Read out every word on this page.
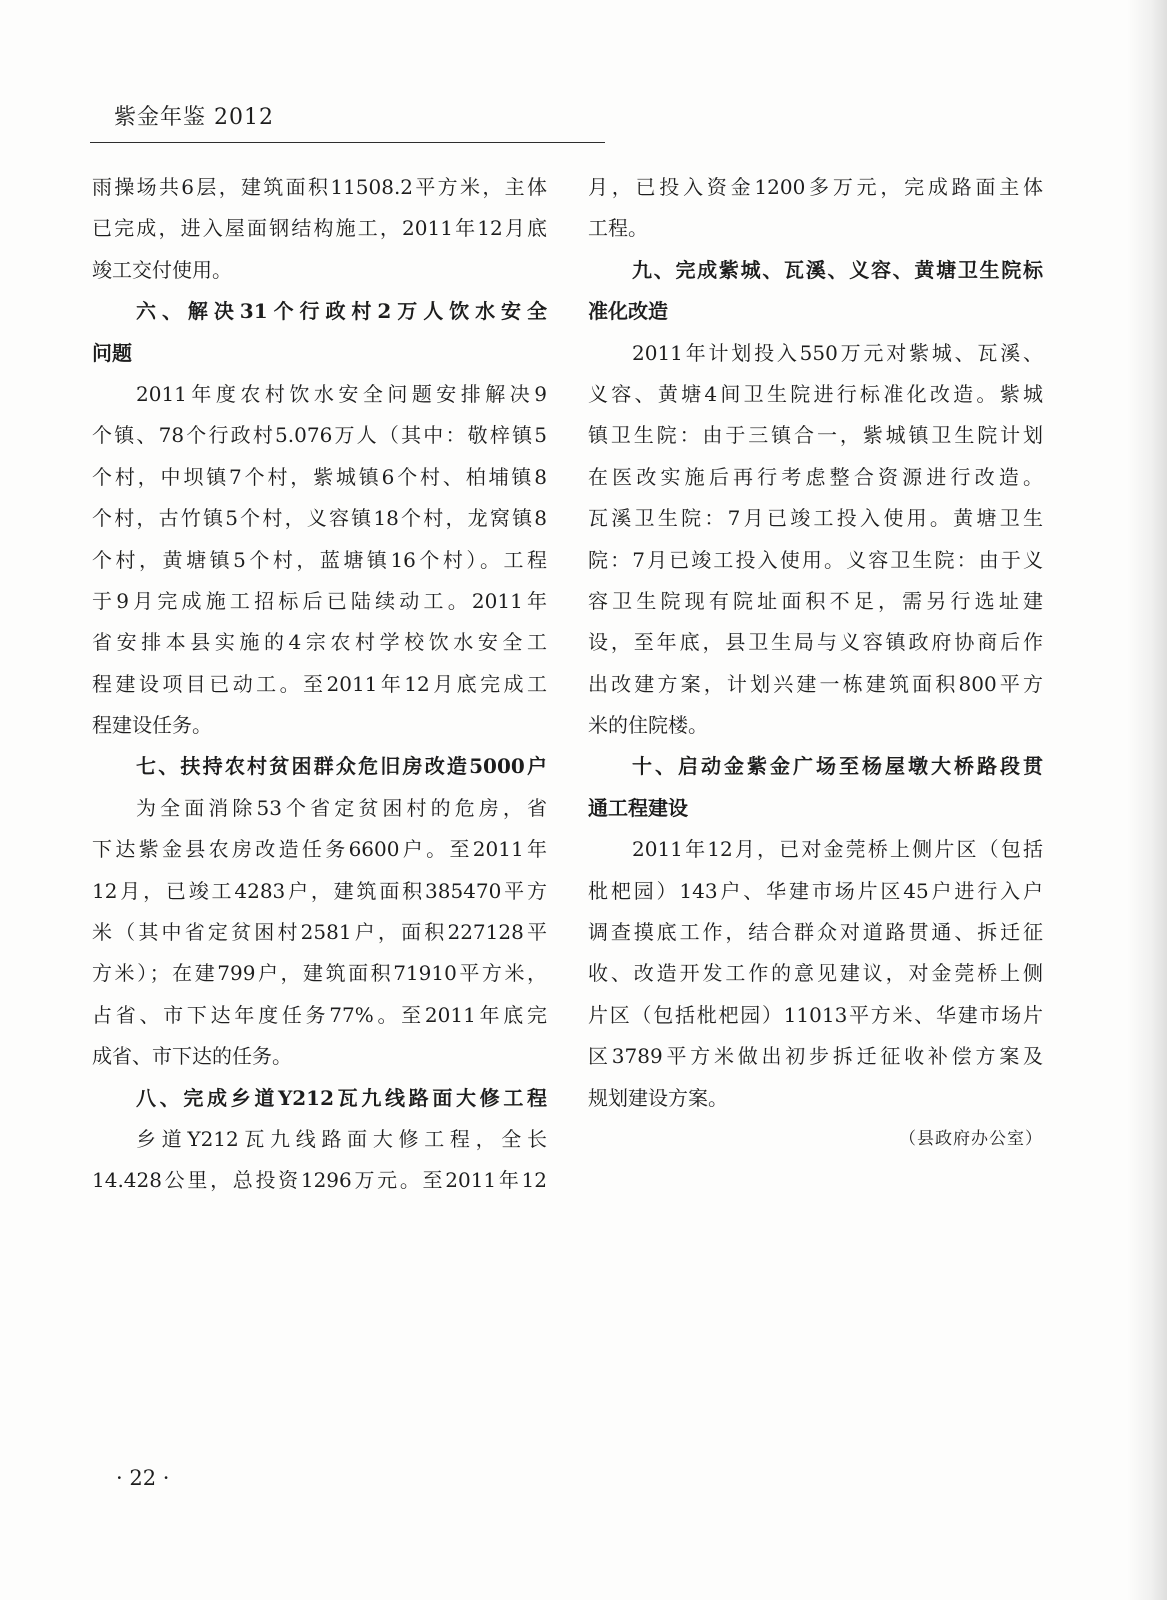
紫金年鉴 2012
雨操场共6层，建筑面积11508.2平方米，主体
已完成，进入屋面钢结构施工，2011年12月底
竣工交付使用。
六、解决31个行政村2万人饮水安全
问题
2011年度农村饮水安全问题安排解决9
个镇、78个行政村5.076万人（其中：敬梓镇5
个村，中坝镇7个村，紫城镇6个村、柏埔镇8
个村，古竹镇5个村，义容镇18个村，龙窝镇8
个村，黄塘镇5个村，蓝塘镇16个村）。工程
于9月完成施工招标后已陆续动工。2011年
省安排本县实施的4宗农村学校饮水安全工
程建设项目已动工。至2011年12月底完成工
程建设任务。
七、扶持农村贫困群众危旧房改造5000户
为全面消除53个省定贫困村的危房，省
下达紫金县农房改造任务6600户。至2011年
12月，已竣工4283户，建筑面积385470平方
米（其中省定贫困村2581户，面积227128平
方米）；在建799户，建筑面积71910平方米，
占省、市下达年度任务77%。至2011年底完
成省、市下达的任务。
八、完成乡道Y212瓦九线路面大修工程
乡道Y212瓦九线路面大修工程，全长
14.428公里，总投资1296万元。至2011年12
月，已投入资金1200多万元，完成路面主体
工程。
九、完成紫城、瓦溪、义容、黄塘卫生院标
准化改造
2011年计划投入550万元对紫城、瓦溪、
义容、黄塘4间卫生院进行标准化改造。紫城
镇卫生院：由于三镇合一，紫城镇卫生院计划
在医改实施后再行考虑整合资源进行改造。
瓦溪卫生院：7月已竣工投入使用。黄塘卫生
院：7月已竣工投入使用。义容卫生院：由于义
容卫生院现有院址面积不足，需另行选址建
设，至年底，县卫生局与义容镇政府协商后作
出改建方案，计划兴建一栋建筑面积800平方
米的住院楼。
十、启动金紫金广场至杨屋墩大桥路段贯
通工程建设
2011年12月，已对金莞桥上侧片区（包括
枇杷园）143户、华建市场片区45户进行入户
调查摸底工作，结合群众对道路贯通、拆迁征
收、改造开发工作的意见建议，对金莞桥上侧
片区（包括枇杷园）11013平方米、华建市场片
区3789平方米做出初步拆迁征收补偿方案及
规划建设方案。
（县政府办公室）
· 22 ·
